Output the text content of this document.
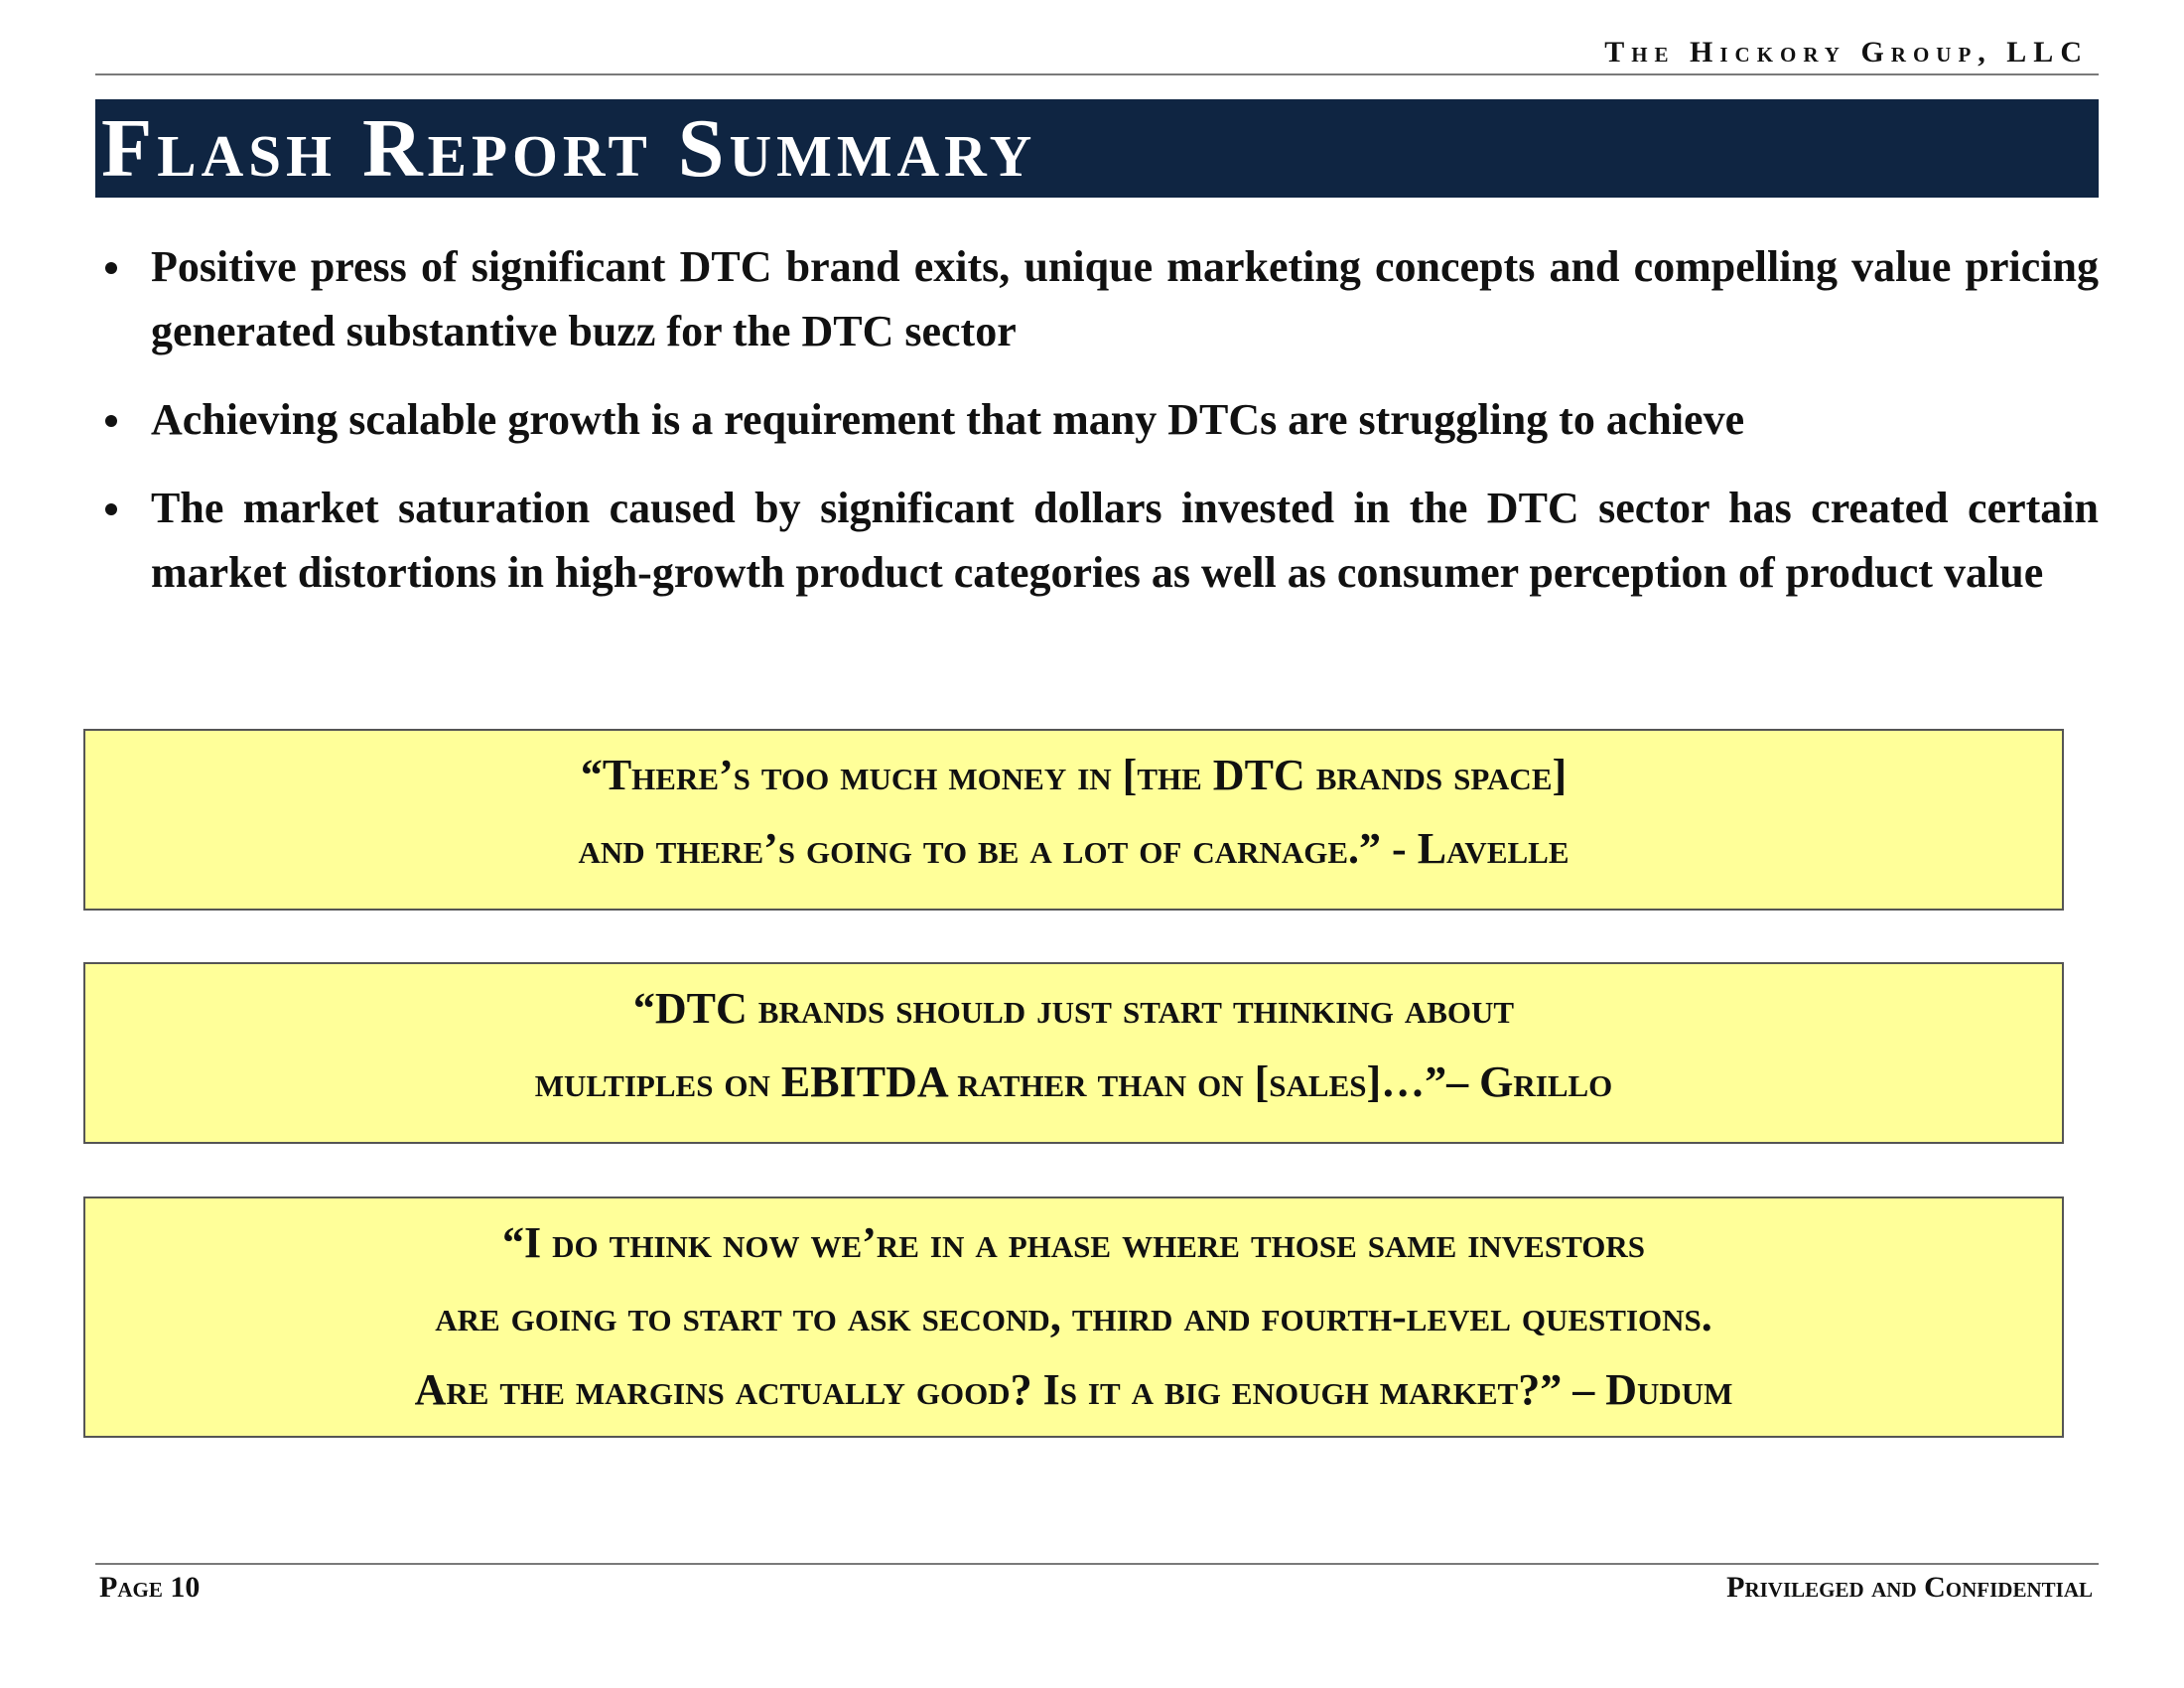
The Hickory Group, LLC
Flash Report Summary
Positive press of significant DTC brand exits, unique marketing concepts and compelling value pricing generated substantive buzz for the DTC sector
Achieving scalable growth is a requirement that many DTCs are struggling to achieve
The market saturation caused by significant dollars invested in the DTC sector has created certain market distortions in high-growth product categories as well as consumer perception of product value
“There’s too much money in [the DTC brands space]
and there’s going to be a lot of carnage.” - Lavelle
“DTC brands should just start thinking about
multiples on EBITDA rather than on [sales]…”– Grillo
“I do think now we’re in a phase where those same investors
are going to start to ask second, third and fourth-level questions.
Are the margins actually good? Is it a big enough market?” – Dudum
Page 10	Privileged and Confidential
